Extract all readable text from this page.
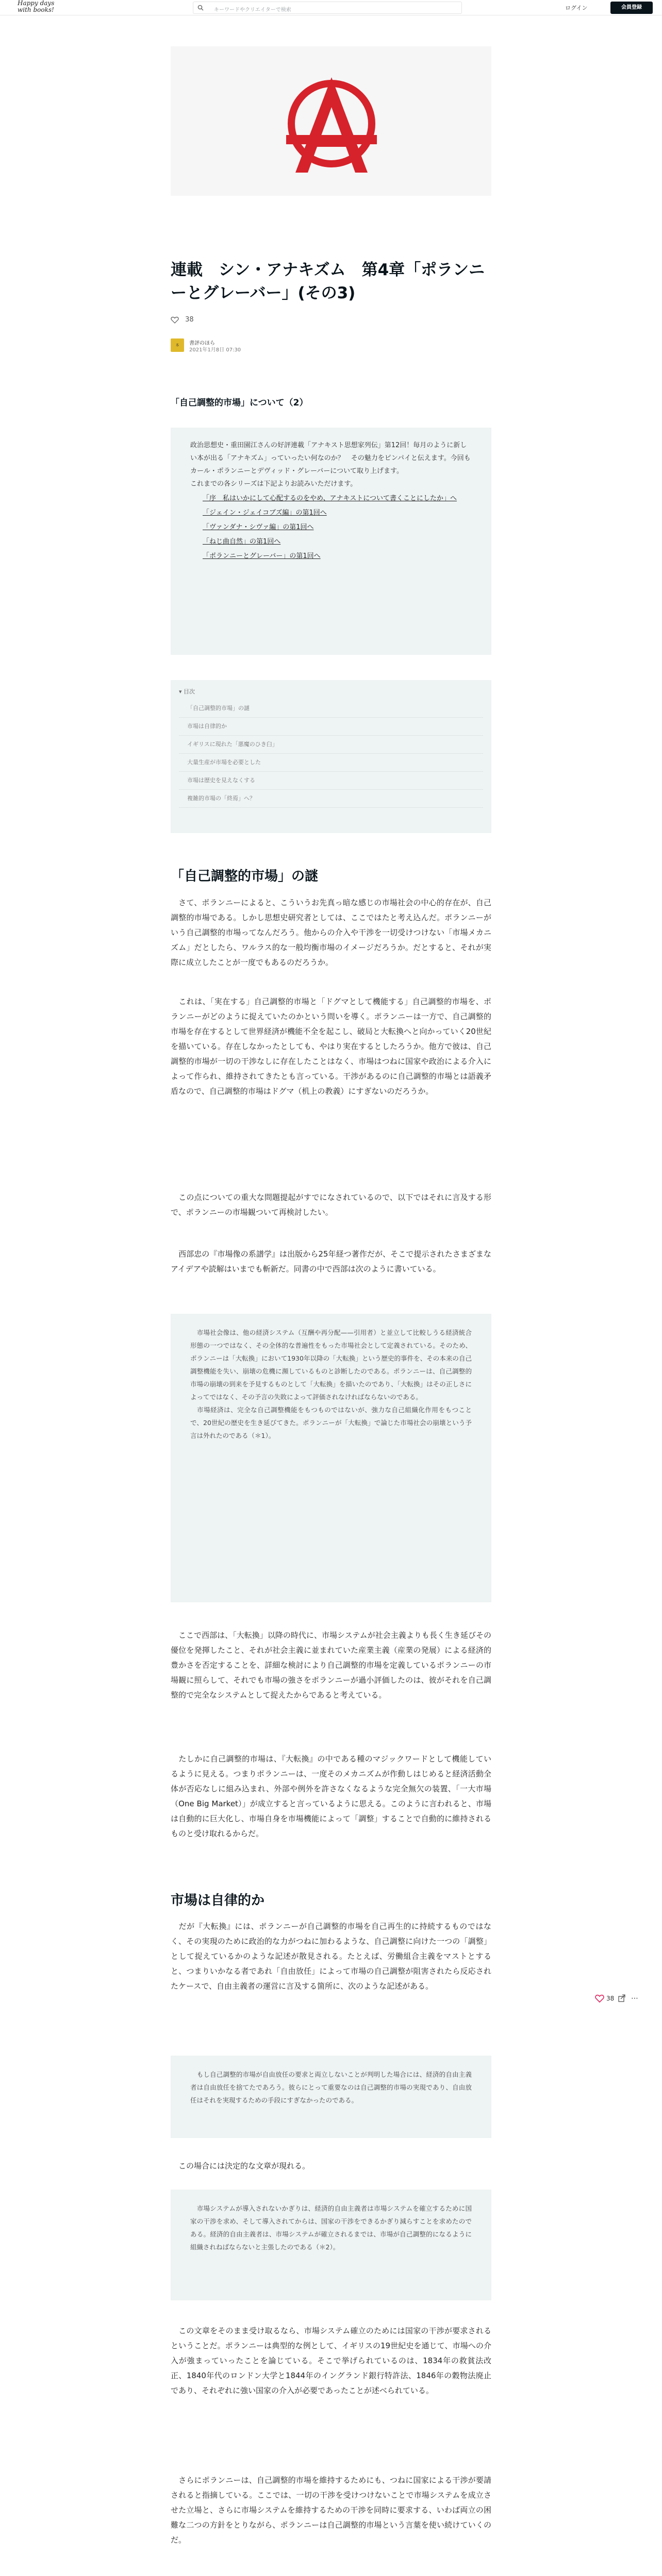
Happy days with books!	キーワードやクリエイターで検索	ログイン	会員登録
連載　シン・アナキズム　第4章「ポランニーとグレーバー」(その3)
38
本	書評のほら
2021年1月8日 07:30
「自己調整的市場」について（2）

政治思想史・重田園江さんの好評連載「アナキスト思想家列伝」第12回！毎月のように新しい本が出る「アナキズム」っていったい何なのか？　その魅力をピンパイと伝えます。今回もカール・ポランニーとデヴィッド・グレーバーについて取り上げます。
これまでの各シリーズは下記よりお読みいただけます。

「序　私はいかにして心配するのをやめ、アナキストについて書くことにしたか」へ
「ジェイン・ジェイコブズ編」の第1回へ
「ヴァンダナ・シヴァ編」の第1回へ
「ねじ曲自然」の第1回へ
「ポランニーとグレーバー」の第1回へ
▾ 目次
「自己調整的市場」の謎
市場は自律的か
イギリスに現れた「悪魔のひき臼」
大量生産が市場を必要とした
市場は歴史を見えなくする
複雑的市場の「終焉」へ？
「自己調整的市場」の謎
　さて、ポランニーによると、こういうお先真っ暗な感じの市場社会の中心的存在が、自己調整的市場である。しかし思想史研究者としては、ここではたと考え込んだ。ポランニーがいう自己調整的市場ってなんだろう。他からの介入や干渉を一切受けつけない「市場メカニズム」だとしたら、ワルラス的な一般均衡市場のイメージだろうか。だとすると、それが実際に成立したことが一度でもあるのだろうか。
　これは、「実在する」自己調整的市場と「ドグマとして機能する」自己調整的市場を、ポランニーがどのように捉えていたのかという問いを導く。ポランニーは一方で、自己調整的市場を存在するとして世界経済が機能不全を起こし、破局と大転換へと向かっていく20世紀を描いている。存在しなかったとしても、やはり実在するとしたろうか。他方で彼は、自己調整的市場が一切の干渉なしに存在したことはなく、市場はつねに国家や政治による介入によって作られ、維持されてきたとも言っている。干渉があるのに自己調整的市場とは語義矛盾なので、自己調整的市場はドグマ（机上の教義）にすぎないのだろうか。
　この点についての重大な問題提起がすでになされているので、以下ではそれに言及する形で、ポランニーの市場観ついて再検討したい。
　西部忠の『市場像の系譜学』は出版から25年経つ著作だが、そこで提示されたさまざまなアイデアや読解はいまでも斬新だ。同書の中で西部は次のように書いている。
　市場社会像は、他の経済システム（互酬や再分配——引用者）と並立して比較しうる経済統合形態の一つではなく、その全体的な普遍性をもった市場社会として定義されている。そのため、ポランニーは「大転換」において1930年以降の「大転換」という歴史的事件を、その本来の自己調整機能を失い、崩壊の危機に瀕しているものと診断したのである。ポランニーは、自己調整的市場の崩壊の到来を予見するものとして「大転換」を描いたのであり、「大転換」はその正しさによってではなく、その予言の失敗によって評価されなければならないのである。
　市場経済は、完全な自己調整機能をもつものではないが、強力な自己組織化作用をもつことで、20世紀の歴史を生き延びてきた。ポランニーが「大転換」で論じた市場社会の崩壊という予言は外れたのである（＊1）。
　ここで西部は、「大転換」以降の時代に、市場システムが社会主義よりも長く生き延びその優位を発揮したこと、それが社会主義に並まれていた産業主義（産業の発展）による経済的豊かさを否定することを、詳細な検討により自己調整的市場を定義しているポランニーの市場観に照らして、それでも市場の強さをポランニーが過小評価したのは、彼がそれを自己調整的で完全なシステムとして捉えたからであると考えている。
　たしかに自己調整的市場は、『大転換』の中である種のマジックワードとして機能しているように見える。つまりポランニーは、一度そのメカニズムが作動しはじめると経済活動全体が否応なしに組み込まれ、外部や例外を許さなくなるような完全無欠の装置、「一大市場（One Big Market）」が成立すると言っているように思える。このように言われると、市場は自動的に巨大化し、市場自身を市場機能によって「調整」することで自動的に維持されるものと受け取れるからだ。
市場は自律的か
　だが『大転換』には、ポランニーが自己調整的市場を自己再生的に持続するものではなく、その実現のために政治的な力がつねに加わるような、自己調整に向けた一つの「調整」として捉えているかのような記述が散見される。たとえば、労働組合主義をマストとすると、つまりいかなる者であれ「自由放任」によって市場の自己調整が阻害されたら反応されたケースで、自由主義者の運営に言及する箇所に、次のような記述がある。
　もし自己調整的市場が自由放任の要求と両立しないことが判明した場合には、経済的自由主義者は自由放任を捨てたであろう。彼らにとって重要なのは自己調整的市場の実現であり、自由放任はそれを実現するための手段にすぎなかったのである。
　この場合には決定的な文章が現れる。
　市場システムが導入されないかぎりは、経済的自由主義者は市場システムを確立するために国家の干渉を求め、そして導入されてからは、国家の干渉をできるかぎり減らすことを求めたのである。経済的自由主義者は、市場システムが確立されるまでは、市場が自己調整的になるように組織されねばならないと主張したのである（＊2）。
　この文章をそのまま受け取るなら、市場システム確立のためには国家の干渉が要求されるということだ。ポランニーは典型的な例として、イギリスの19世紀史を通じて、市場への介入が強まっていったことを論じている。そこで挙げられているのは、1834年の救貧法改正、1840年代のロンドン大学と1844年のイングランド銀行特許法、1846年の穀物法廃止であり、それぞれに強い国家の介入が必要であったことが述べられている。
　さらにポランニーは、自己調整的市場を維持するためにも、つねに国家による干渉が要請されると指摘している。ここでは、一切の干渉を受けつけないことで市場システムを成立させた立場と、さらに市場システムを維持するための干渉を同時に要求する、いわば両立の困難な二つの方針をとりながら、ポランニーは自己調整的市場という言葉を使い続けていくのだ。
38 ⋯
